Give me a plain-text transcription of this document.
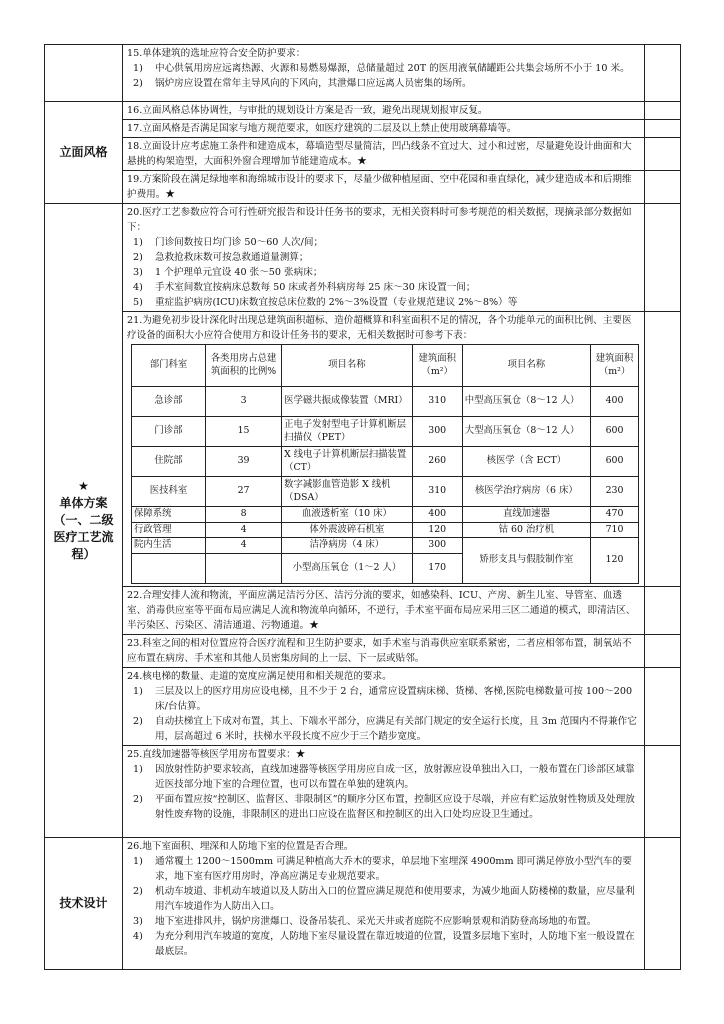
15.单体建筑的选址应符合安全防护要求：

1)	中心供氧用房应远离热源、火源和易燃易爆源，总储量超过 20T 的医用液氧储罐距公共集会场所不小于 10 米。
2)	锅炉房应设置在常年主导风向的下风向，其泄爆口应远离人员密集的场所。

立面风格	16.立面风格总体协调性，与审批的规划设计方案是否一致，避免出现规划报审反复。	
17.立面风格是否满足国家与地方规范要求，如医疗建筑的二层及以上禁止使用玻璃幕墙等。	
18.立面设计应考虑施工条件和建造成本，幕墙造型尽量简洁，凹凸线条不宜过大、过小和过密，尽量避免设计曲面和大悬挑的构架造型，大面积外窗合理增加节能建造成本。★	
19.方案阶段在满足绿地率和海绵城市设计的要求下，尽量少做种植屋面、空中花园和垂直绿化，减少建造成本和后期维护费用。★	

★
单体方案
（一、二级
医疗工艺流
程）

20.医疗工艺参数应符合可行性研究报告和设计任务书的要求，无相关资料时可参考规范的相关数据，现摘录部分数据如下：

1)	门诊间数按日均门诊 50～60 人次/间；
2)	急救抢救床数可按急救通道量测算；
3)	1 个护理单元宜设 40 张～50 张病床；
4)	手术室间数宜按病床总数每 50 床或者外科病房每 25 床～30 床设置一间；
5)	重症监护病房(ICU)床数宜按总床位数的 2%～3%设置（专业规范建议 2%～8%）等

21.为避免初步设计深化时出现总建筑面积超标、造价超概算和科室面积不足的情况，各个功能单元的面积比例、主要医疗设备的面积大小应符合使用方和设计任务书的要求，无相关数据时可参考下表：

部门科室	各类用房占总建筑面积的比例%	项目名称	建筑面积（m²）	项目名称	建筑面积（m²）
急诊部	3	医学磁共振成像装置（MRI）	310	中型高压氧仓（8～12 人）	400
门诊部	15	正电子发射型电子计算机断层扫描仪（PET）	300	大型高压氧仓（8～12 人）	600
住院部	39	X 线电子计算机断层扫描装置（CT）	260	核医学（含 ECT）	600
医技科室	27	数字减影血管造影 X 线机（DSA）	310	核医学治疗病房（6 床）	230
保障系统	8	血液透析室（10 床）	400	直线加速器	470
行政管理	4	体外震波碎石机室	120	钴 60 治疗机	710
院内生活	4	洁净病房（4 床）	300	矫形支具与假肢制作室	120
		小型高压氧仓（1～2 人）	170

22.合理安排人流和物流，平面应满足洁污分区、洁污分流的要求，如感染科、ICU、产房、新生儿室、导管室、血透室、消毒供应室等平面布局应满足人流和物流单向循环，不逆行，手术室平面布局应采用三区二通道的模式，即清洁区、半污染区、污染区、清洁通道、污物通道。★	
23.科室之间的相对位置应符合医疗流程和卫生防护要求，如手术室与消毒供应室联系紧密，二者应相邻布置，制氧站不应布置在病房、手术室和其他人员密集房间的上一层、下一层或贴邻。	

24.核电梯的数量、走道的宽度应满足使用和相关规范的要求。

1)	三层及以上的医疗用房应设电梯，且不少于 2 台，通常应设置病床梯、货梯、客梯,医院电梯数量可按 100～200 床/台估算。
2)	自动扶梯宜上下成对布置，其上、下端水平部分，应满足有关部门规定的安全运行长度，且 3m 范围内不得兼作它用，层高超过 6 米时，扶梯水平段长度不应少于三个踏步宽度。

25.直线加速器等核医学用房布置要求：★

1)	因放射性防护要求较高，直线加速器等核医学用房应自成一区，放射源应设单独出入口，一般布置在门诊部区域靠近医技部分地下室的合理位置，也可以布置在单独的建筑内。
2)	平面布置应按“控制区、监督区、非限制区”的顺序分区布置，控制区应设于尽端，并应有贮运放射性物质及处理放射性废弃物的设施，非限制区的进出口应设在监督区和控制区的出入口处均应设卫生通过。

技术设计	

26.地下室面积、埋深和人防地下室的位置是否合理。

1)	通常覆土 1200～1500mm 可满足种植高大乔木的要求，单层地下室埋深 4900mm 即可满足停放小型汽车的要求，地下室有医疗用房时，净高应满足专业规范要求。
2)	机动车坡道、非机动车坡道以及人防出入口的位置应满足规范和使用要求，为减少地面人防楼梯的数量，应尽量利用汽车坡道作为人防出入口。
3)	地下室进排风井，锅炉房泄爆口、设备吊装孔、采光天井或者庭院不应影响景观和消防登高场地的布置。
4)	为充分利用汽车坡道的宽度，人防地下室尽量设置在靠近坡道的位置，设置多层地下室时，人防地下室一般设置在最底层。
